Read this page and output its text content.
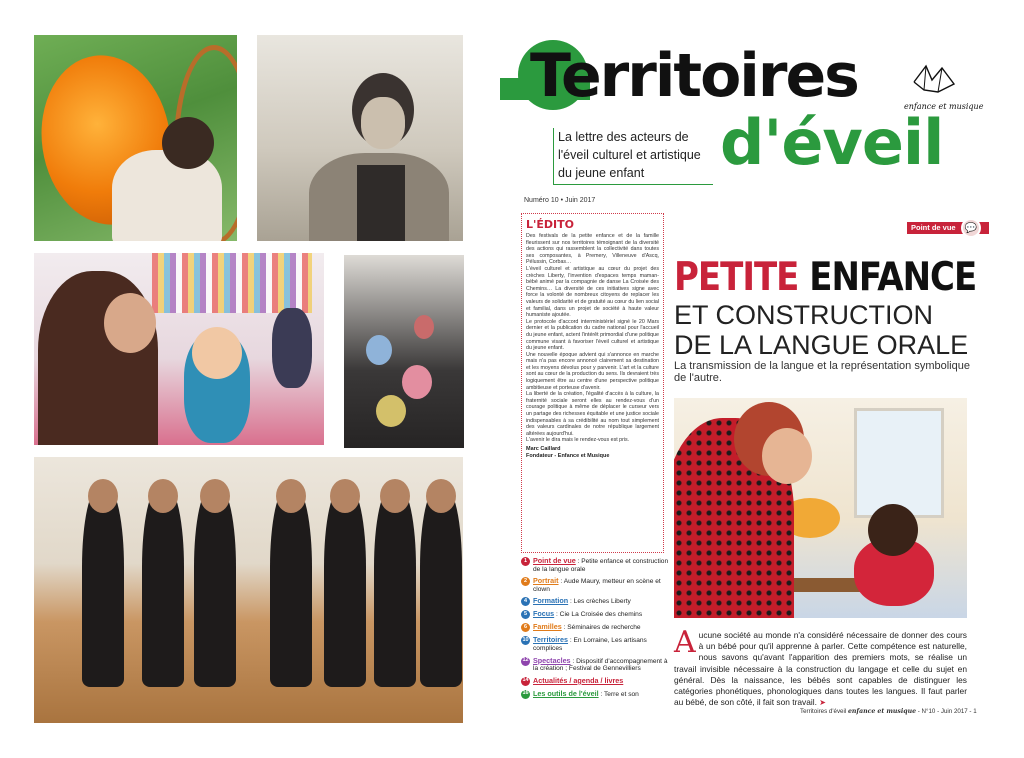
Territoires
d'éveil
enfance et musique
La lettre des acteurs de l'éveil culturel et artistique du jeune enfant
Numéro 10 • Juin 2017
L'ÉDITO
Des festivals de la petite enfance et de la famille fleurissent sur nos territoires témoignant de la diversité des actions qui rassemblent la collectivité dans toutes ses composantes, à Premery, Villeneuve d'Ascq, Pélussin, Corbas…
L'éveil culturel et artistique au cœur du projet des crèches Liberty, l'invention d'espaces temps maman-bébé animé par la compagnie de danse La Croisée des Chemins… La diversité de ces initiatives signe avec force la volonté de nombreux citoyens de replacer les valeurs de solidarité et de gratuité au cœur du lien social et familial, dans un projet de société à haute valeur humaniste ajoutée.
Le protocole d'accord interministériel signé le 20 Mars dernier et la publication du cadre national pour l'accueil du jeune enfant, actent l'intérêt primordial d'une politique commune visant à favoriser l'éveil culturel et artistique du jeune enfant.
Une nouvelle époque advient qui s'annonce en marche mais n'a pas encore annoncé clairement sa destination et les moyens dévolus pour y parvenir. L'art et la culture sont au cœur de la production du sens. Ils devraient très logiquement être au centre d'une perspective politique ambitieuse et porteuse d'avenir.
La liberté de la création, l'égalité d'accès à la culture, la fraternité sociale seront elles au rendez-vous d'un courage politique à même de déplacer le curseur vers un partage des richesses équitable et une justice sociale indispensables à sa crédibilité au nom tout simplement des valeurs cardinales de notre république largement altérées aujourd'hui.
L'avenir le dira mais le rendez-vous est pris.
Marc Caillard
Fondateur - Enfance et Musique
1 Point de vue : Petite enfance et construction de la langue orale
2 Portrait : Aude Maury, metteur en scène et clown
4 Formation : Les crèches Liberty
5 Focus : Cie La Croisée des chemins
6 Familles : Séminaires de recherche
10 Territoires : En Lorraine, Les artisans complices
12 Spectacles : Dispositif d'accompagnement à la création ; Festival de Gennevilliers
14 Actualités / agenda / livres
16 Les outils de l'éveil : Terre et son
Point de vue 💬
PETITE ENFANCE
ET CONSTRUCTION
DE LA LANGUE ORALE
La transmission de la langue et la représentation symbolique de l'autre.
Aucune société au monde n'a considéré nécessaire de donner des cours à un bébé pour qu'il apprenne à parler. Cette compétence est naturelle, nous savons qu'avant l'apparition des premiers mots, se réalise un travail invisible nécessaire à la construction du langage et celle du sujet en général. Dès la naissance, les bébés sont capables de distinguer les catégories phonétiques, phonologiques dans toutes les langues. Il faut parler au bébé, de son côté, il fait son travail. ➤
Territoires d'éveil enfance et musique - N°10 - Juin 2017 - 1
